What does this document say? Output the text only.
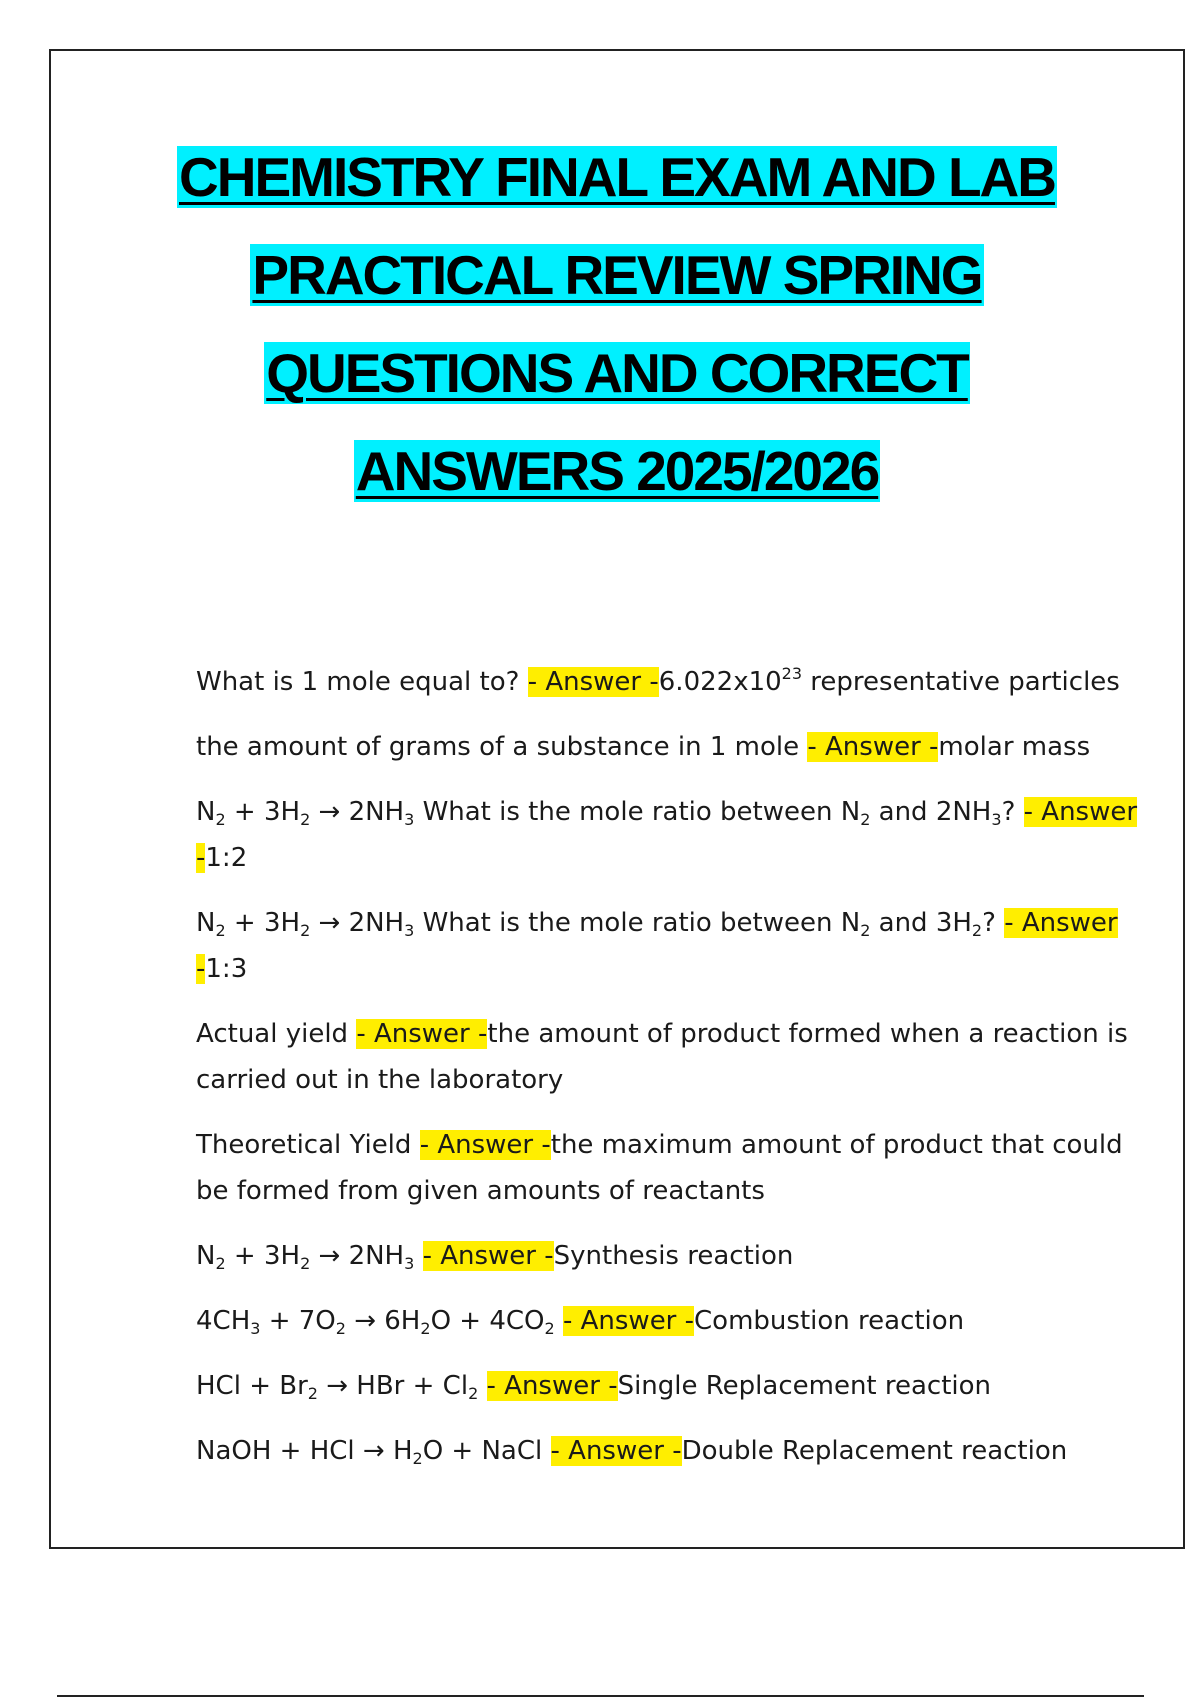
CHEMISTRY FINAL EXAM AND LAB
PRACTICAL REVIEW SPRING
QUESTIONS AND CORRECT
ANSWERS 2025/2026
What is 1 mole equal to? - Answer $-6.022x10^{23}$ representative particles
the amount of grams of a substance in 1 mole - Answer -molar mass
$N_2 + 3H_2 \to 2NH_3$ What is the mole ratio between $N_2$ and $2NH_3$? - Answer -1:2
$N_2 + 3H_2 \to 2NH_3$ What is the mole ratio between $N_2$ and $3H_2$? - Answer -1:3
Actual yield - Answer -the amount of product formed when a reaction is carried out in the laboratory
Theoretical Yield - Answer -the maximum amount of product that could be formed from given amounts of reactants
$N_2 + 3H_2 \to 2NH_3$ - Answer -Synthesis reaction
$4CH_3 + 7O_2 \to 6H_2O + 4CO_2$ - Answer -Combustion reaction
HCl + $Br_2$ → HBr + $Cl_2$ - Answer -Single Replacement reaction
NaOH + HCl → $H_2O$ + NaCl - Answer -Double Replacement reaction
